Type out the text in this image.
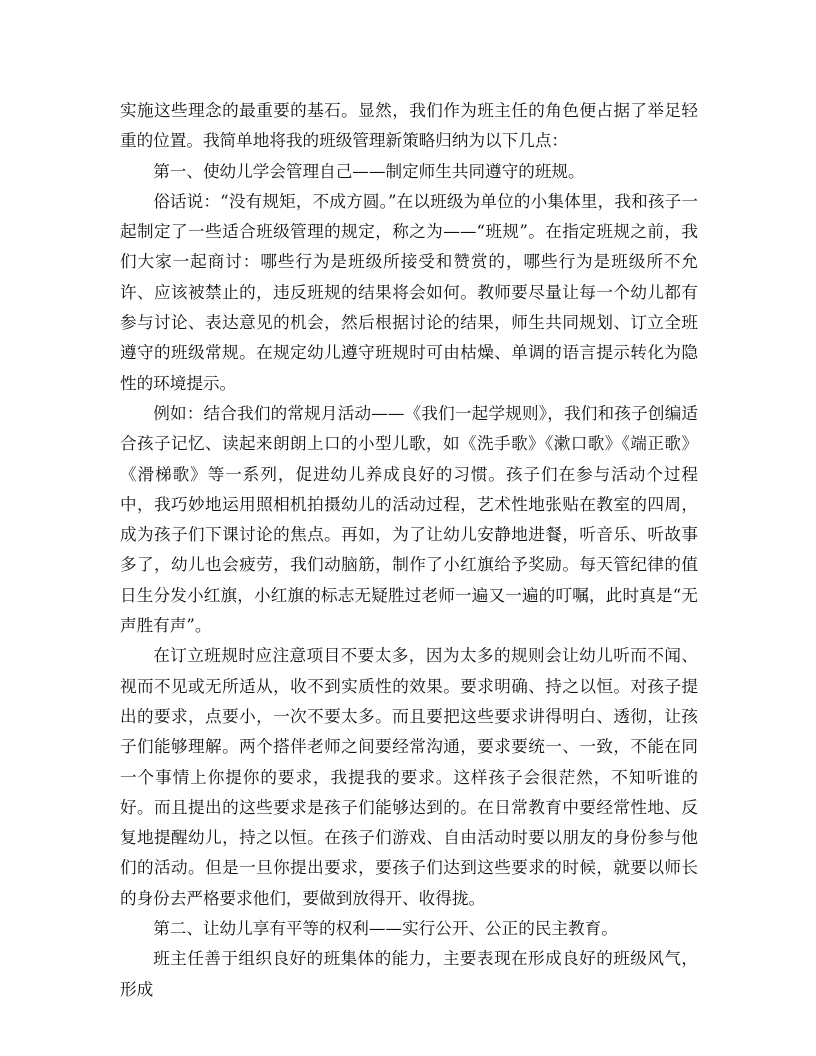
实施这些理念的最重要的基石。显然，我们作为班主任的角色便占据了举足轻重的位置。我简单地将我的班级管理新策略归纳为以下几点：

第一、使幼儿学会管理自己——制定师生共同遵守的班规。

俗话说：“没有规矩，不成方圆。”在以班级为单位的小集体里，我和孩子一起制定了一些适合班级管理的规定，称之为——“班规”。在指定班规之前，我们大家一起商讨：哪些行为是班级所接受和赞赏的，哪些行为是班级所不允许、应该被禁止的，违反班规的结果将会如何。教师要尽量让每一个幼儿都有参与讨论、表达意见的机会，然后根据讨论的结果，师生共同规划、订立全班遵守的班级常规。在规定幼儿遵守班规时可由枯燥、单调的语言提示转化为隐性的环境提示。

例如：结合我们的常规月活动——《我们一起学规则》，我们和孩子创编适合孩子记忆、读起来朗朗上口的小型儿歌，如《洗手歌》《漱口歌》《端正歌》《滑梯歌》等一系列，促进幼儿养成良好的习惯。孩子们在参与活动个过程中，我巧妙地运用照相机拍摄幼儿的活动过程，艺术性地张贴在教室的四周，成为孩子们下课讨论的焦点。再如，为了让幼儿安静地进餐，听音乐、听故事多了，幼儿也会疲劳，我们动脑筋，制作了小红旗给予奖励。每天管纪律的值日生分发小红旗，小红旗的标志无疑胜过老师一遍又一遍的叮嘱，此时真是“无声胜有声”。

在订立班规时应注意项目不要太多，因为太多的规则会让幼儿听而不闻、视而不见或无所适从，收不到实质性的效果。要求明确、持之以恒。对孩子提出的要求，点要小，一次不要太多。而且要把这些要求讲得明白、透彻，让孩子们能够理解。两个搭伴老师之间要经常沟通，要求要统一、一致，不能在同一个事情上你提你的要求，我提我的要求。这样孩子会很茫然，不知听谁的好。而且提出的这些要求是孩子们能够达到的。在日常教育中要经常性地、反复地提醒幼儿，持之以恒。在孩子们游戏、自由活动时要以朋友的身份参与他们的活动。但是一旦你提出要求，要孩子们达到这些要求的时候，就要以师长的身份去严格要求他们，要做到放得开、收得拢。

第二、让幼儿享有平等的权利——实行公开、公正的民主教育。

班主任善于组织良好的班集体的能力，主要表现在形成良好的班级风气，形成
